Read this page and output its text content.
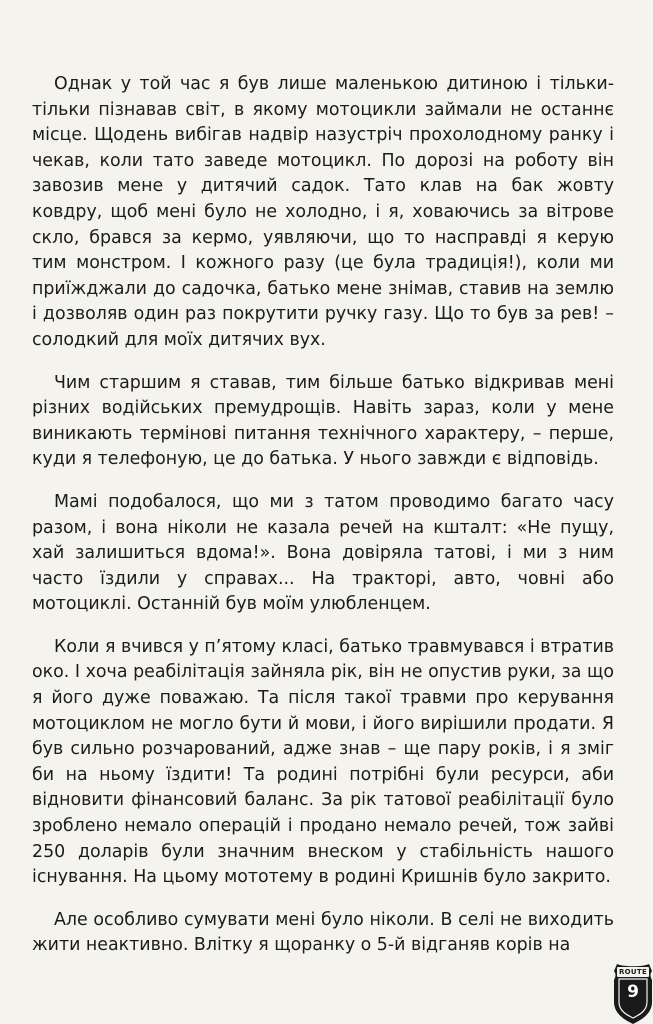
Однак у той час я був лише маленькою дитиною і тільки-тільки пізнавав світ, в якому мотоцикли займали не останнє місце. Щодень вибігав надвір назустріч прохолодному ранку і чекав, коли тато заведе мотоцикл. По дорозі на роботу він завозив мене у дитячий садок. Тато клав на бак жовту ковдру, щоб мені було не холодно, і я, ховаючись за вітрове скло, брався за кермо, уявляючи, що то насправді я керую тим монстром. І кожного разу (це була традиція!), коли ми приїжджали до садочка, батько мене знімав, ставив на землю і дозволяв один раз покрутити ручку газу. Що то був за рев! – солодкий для моїх дитячих вух.

Чим старшим я ставав, тим більше батько відкривав мені різних водійських премудрощів. Навіть зараз, коли у мене виникають термінові питання технічного характеру, – перше, куди я телефоную, це до батька. У нього завжди є відповідь.

Мамі подобалося, що ми з татом проводимо багато часу разом, і вона ніколи не казала речей на кшталт: «Не пущу, хай залишиться вдома!». Вона довіряла татові, і ми з ним часто їздили у справах... На тракторі, авто, човні або мотоциклі. Останній був моїм улюбленцем.

Коли я вчився у п’ятому класі, батько травмувався і втратив око. І хоча реабілітація зайняла рік, він не опустив руки, за що я його дуже поважаю. Та після такої травми про керування мотоциклом не могло бути й мови, і його вирішили продати. Я був сильно розчарований, адже знав – ще пару років, і я зміг би на ньому їздити! Та родині потрібні були ресурси, аби відновити фінансовий баланс. За рік татової реабілітації було зроблено немало операцій і продано немало речей, тож зайві 250 доларів були значним внеском у стабільність нашого існування. На цьому мототему в родині Кришнів було закрито.

Але особливо сумувати мені було ніколи. В селі не виходить жити неактивно. Влітку я щоранку о 5-й відганяв корів на

ROUTE
9
